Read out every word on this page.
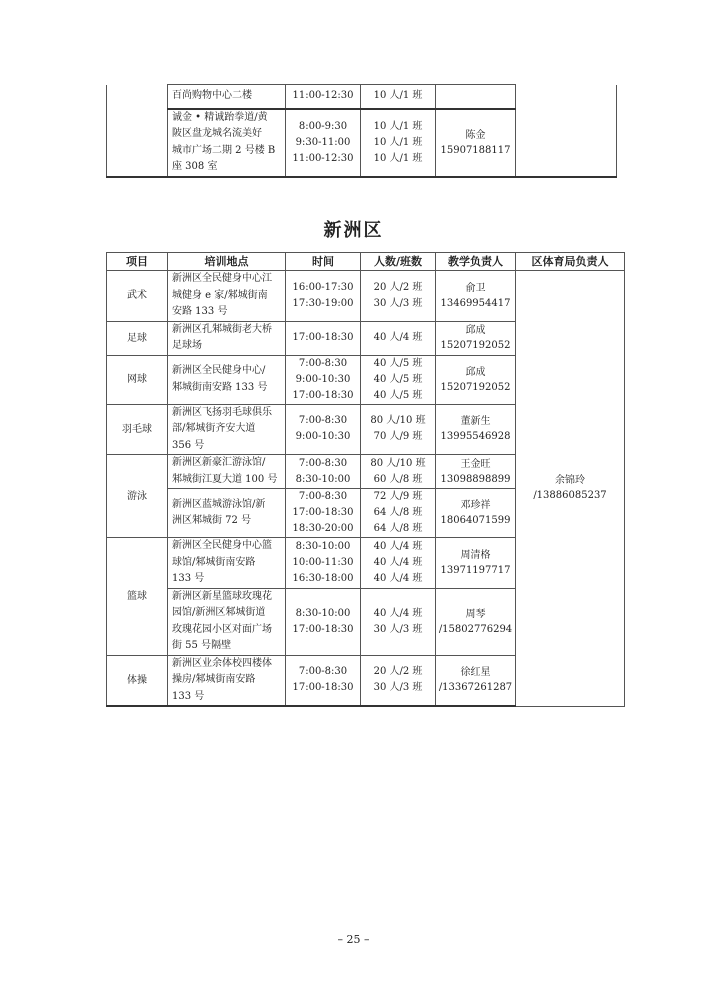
	百尚购物中心二楼	11:00-12:30	10 人/1 班		

	诚金 • 精诚跆拳道/黄
陂区盘龙城名流美好
城市广场二期 2 号楼 B
座 308 室	8:00-9:30
9:30-11:00
11:00-12:30	10 人/1 班
10 人/1 班
10 人/1 班	陈金
15907188117	
新洲区
项目	培训地点	时间	人数/班数	教学负责人	区体育局负责人
武术	新洲区全民健身中心江
城健身 e 家/邾城街南
安路 133 号	16:00-17:30
17:30-19:00	20 人/2 班
30 人/3 班	俞卫
13469954417	余锦玲
/13886085237

足球	新洲区孔邾城街老大桥
足球场	17:00-18:30	40 人/4 班	邱成
15207192052	

网球	新洲区全民健身中心/
邾城街南安路 133 号	7:00-8:30
9:00-10:30
17:00-18:30	40 人/5 班
40 人/5 班
40 人/5 班	邱成
15207192052	

羽毛球	新洲区飞扬羽毛球俱乐
部/邾城街齐安大道
356 号	7:00-8:30
9:00-10:30	80 人/10 班
70 人/9 班	董新生
13995546928	

游泳	新洲区新豪汇游泳馆/
邾城街江夏大道 100 号	7:00-8:30
8:30-10:00	80 人/10 班
60 人/8 班	王金旺
13098898899	

	新洲区蓝城游泳馆/新
洲区邾城街 72 号	7:00-8:30
17:00-18:30
18:30-20:00	72 人/9 班
64 人/8 班
64 人/8 班	邓珍祥
18064071599	

篮球	新洲区全民健身中心篮
球馆/邾城街南安路
133 号	8:30-10:00
10:00-11:30
16:30-18:00	40 人/4 班
40 人/4 班
40 人/4 班	周清格
13971197717	

	新洲区新星篮球玫瑰花
园馆/新洲区邾城街道
玫瑰花园小区对面广场
街 55 号隔壁	8:30-10:00
17:00-18:30	40 人/4 班
30 人/3 班	周琴
/15802776294	

体操	新洲区业余体校四楼体
操房/邾城街南安路
133 号	7:00-8:30
17:00-18:30	20 人/2 班
30 人/3 班	徐红星
/13367261287	
– 25 –
